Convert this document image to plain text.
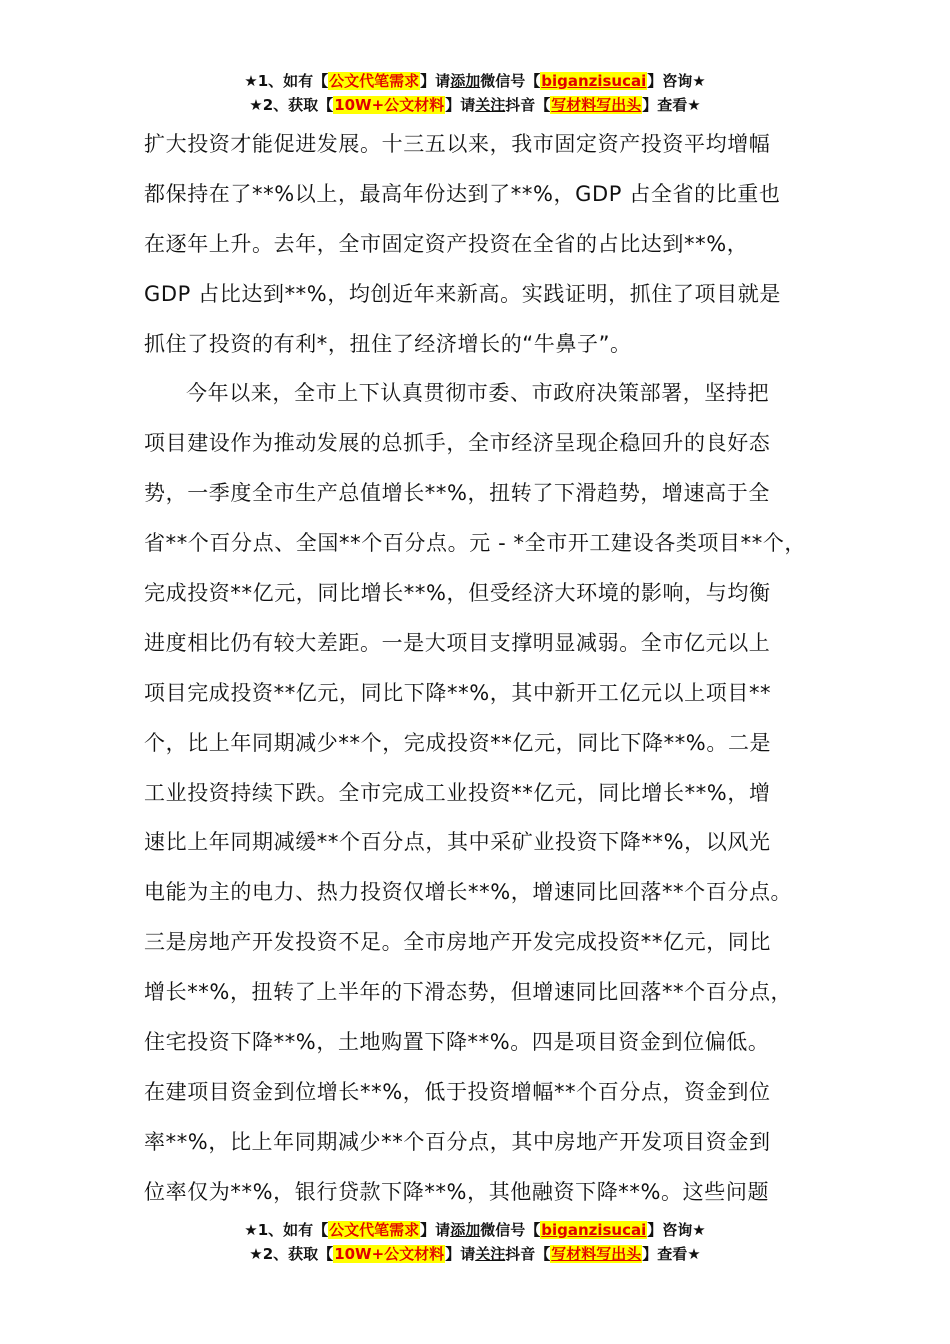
★1、如有【公文代笔需求】请添加微信号【biganzisucai】咨询★
★2、获取【10W+公文材料】请关注抖音【写材料写出头】查看★
扩大投资才能促进发展。十三五以来，我市固定资产投资平均增幅
都保持在了**%以上，最高年份达到了**%，GDP 占全省的比重也
在逐年上升。去年，全市固定资产投资在全省的占比达到**%，
GDP 占比达到**%，均创近年来新高。实践证明，抓住了项目就是
抓住了投资的有利*，扭住了经济增长的“牛鼻子”。
今年以来，全市上下认真贯彻市委、市政府决策部署，坚持把
项目建设作为推动发展的总抓手，全市经济呈现企稳回升的良好态
势，一季度全市生产总值增长**%，扭转了下滑趋势，增速高于全
省**个百分点、全国**个百分点。元 - *全市开工建设各类项目**个，
完成投资**亿元，同比增长**%，但受经济大环境的影响，与均衡
进度相比仍有较大差距。一是大项目支撑明显减弱。全市亿元以上
项目完成投资**亿元，同比下降**%，其中新开工亿元以上项目**
个，比上年同期减少**个，完成投资**亿元，同比下降**%。二是
工业投资持续下跌。全市完成工业投资**亿元，同比增长**%，增
速比上年同期减缓**个百分点，其中采矿业投资下降**%，以风光
电能为主的电力、热力投资仅增长**%，增速同比回落**个百分点。
三是房地产开发投资不足。全市房地产开发完成投资**亿元，同比
增长**%，扭转了上半年的下滑态势，但增速同比回落**个百分点，
住宅投资下降**%，土地购置下降**%。四是项目资金到位偏低。
在建项目资金到位增长**%，低于投资增幅**个百分点，资金到位
率**%，比上年同期减少**个百分点，其中房地产开发项目资金到
位率仅为**%，银行贷款下降**%，其他融资下降**%。这些问题
★1、如有【公文代笔需求】请添加微信号【biganzisucai】咨询★
★2、获取【10W+公文材料】请关注抖音【写材料写出头】查看★
